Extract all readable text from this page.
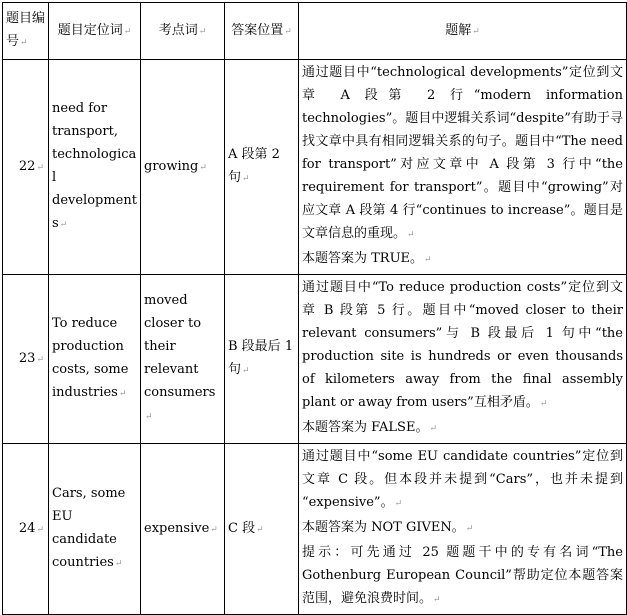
题目编号↵	题目定位词↵	考点词↵	答案位置↵	题解↵
22↵	need for transport, technological developments↵	growing↵	A 段第 2 句↵	通过题目中“technological developments”定位到文章 A 段第 2 行“modern information technologies”。题目中逻辑关系词“despite”有助于寻找文章中具有相同逻辑关系的句子。题目中“The need for transport”对应文章中 A 段第 3 行中“the requirement for transport”。题目中“growing”对应文章 A 段第 4 行“continues to increase”。题目是文章信息的重现。↵
本题答案为 TRUE。↵

23↵	To reduce production costs, some industries↵	moved closer to their relevant consumers↵	B 段最后 1 句↵	通过题目中“To reduce production costs”定位到文章 B 段第 5 行。题目中“moved closer to their relevant consumers”与 B 段最后 1 句中“the production site is hundreds or even thousands of kilometers away from the final assembly plant or away from users”互相矛盾。↵
本题答案为 FALSE。↵

24↵	Cars, some EU candidate countries↵	expensive↵	C 段↵	通过题目中“some EU candidate countries”定位到文章 C 段。但本段并未提到“Cars”，也并未提到 “expensive”。↵
本题答案为 NOT GIVEN。↵
提示：可先通过 25 题题干中的专有名词“The Gothenburg European Council”帮助定位本题答案范围，避免浪费时间。↵
